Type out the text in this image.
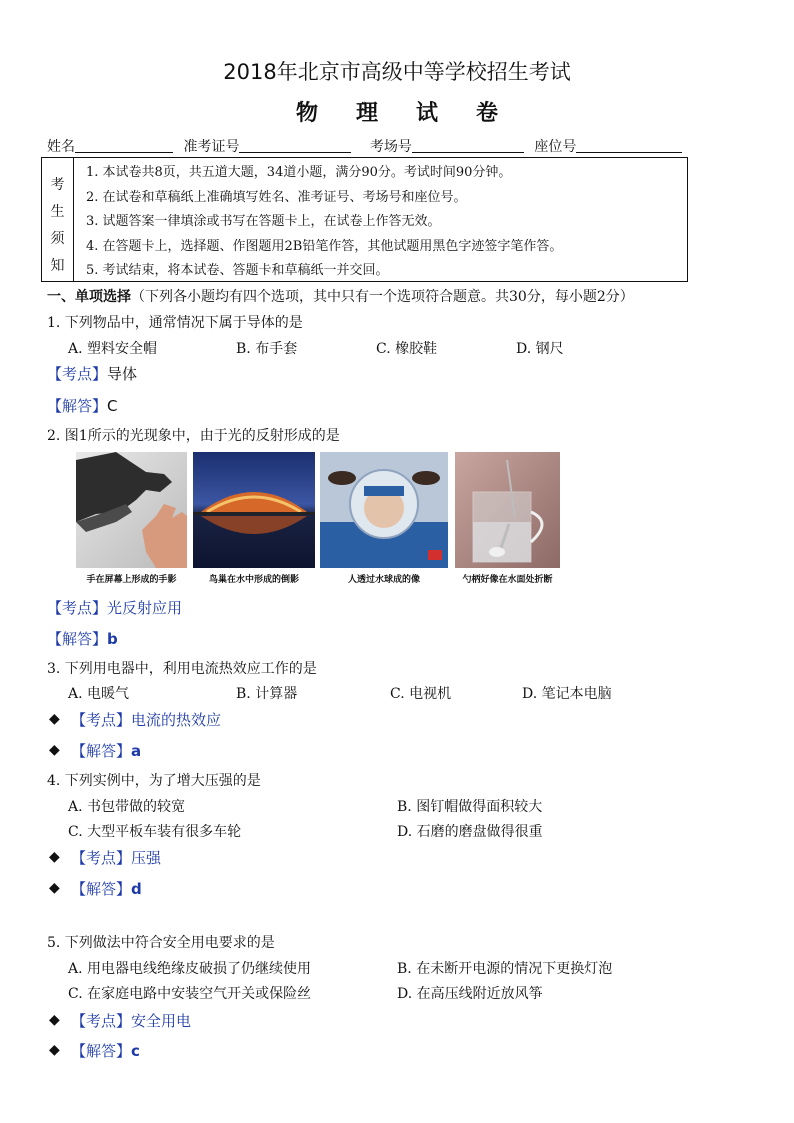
2018年北京市高级中等学校招生考试
物理试卷
姓名	准考证号	考场号	座位号
考
生
须
知
1. 本试卷共8页，共五道大题，34道小题，满分90分。考试时间90分钟。
2. 在试卷和草稿纸上准确填写姓名、准考证号、考场号和座位号。
3. 试题答案一律填涂或书写在答题卡上，在试卷上作答无效。
4. 在答题卡上，选择题、作图题用2B铅笔作答，其他试题用黑色字迹签字笔作答。
5. 考试结束，将本试卷、答题卡和草稿纸一并交回。
一、单项选择（下列各小题均有四个选项，其中只有一个选项符合题意。共30分，每小题2分）
1. 下列物品中，通常情况下属于导体的是
A. 塑料安全帽	B. 布手套	C. 橡胶鞋	D. 钢尺
【考点】导体
【解答】C
2. 图1所示的光现象中，由于光的反射形成的是
手在屏幕上形成的手影	鸟巢在水中形成的倒影	人透过水球成的像	勺柄好像在水面处折断
【考点】光反射应用
【解答】b
3. 下列用电器中，利用电流热效应工作的是
A. 电暖气	B. 计算器	C. 电视机	D. 笔记本电脑
◆ 【考点】电流的热效应
◆ 【解答】a
4. 下列实例中，为了增大压强的是
A. 书包带做的较宽	B. 图钉帽做得面积较大
C. 大型平板车装有很多车轮	D. 石磨的磨盘做得很重
◆ 【考点】压强
◆ 【解答】d
5. 下列做法中符合安全用电要求的是
A. 用电器电线绝缘皮破损了仍继续使用	B. 在未断开电源的情况下更换灯泡
C. 在家庭电路中安装空气开关或保险丝	D. 在高压线附近放风筝
◆ 【考点】安全用电
◆ 【解答】c
